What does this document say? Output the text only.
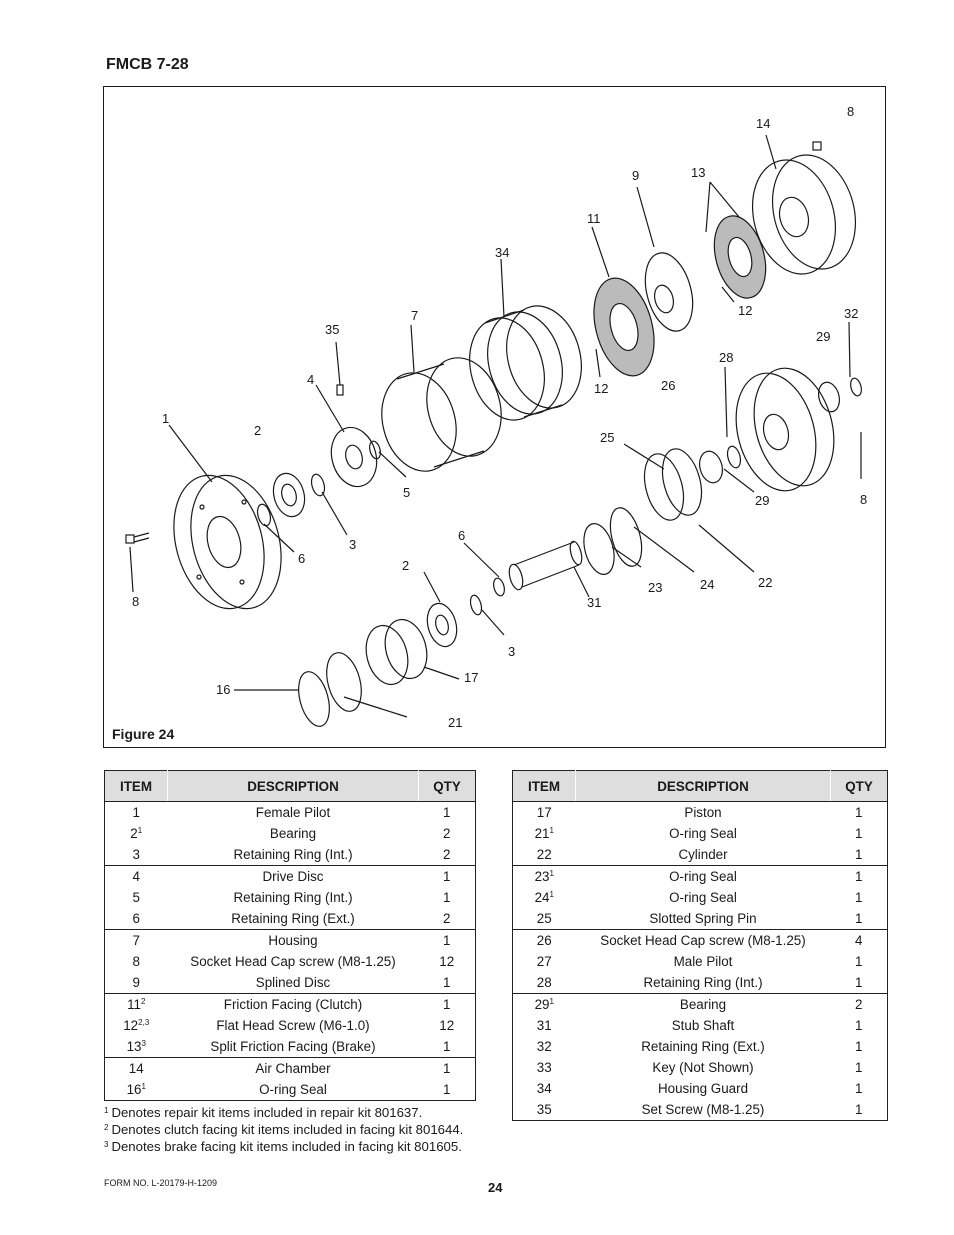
FMCB 7-28
14
8
13
9
11
34
35
7
4
1
2
12	32
29
28
26
12
25
5
3
6
29	8
6
8
2
31
23	24	22
3
17
16
21
Figure 24
ITEM	DESCRIPTION	QTY
1	Female Pilot	1
$2^1$	Bearing	2
3	Retaining Ring (Int.)	2
4	Drive Disc	1
5	Retaining Ring (Int.)	1
6	Retaining Ring (Ext.)	2
7	Housing	1
8	Socket Head Cap screw (M8-1.25)	12
9	Splined Disc	1
$11^2$	Friction Facing (Clutch)	1
12$^{2,3}$	Flat Head Screw (M6-1.0)	12
$13^3$	Split Friction Facing (Brake)	1
14	Air Chamber	1
$16^1$	O-ring Seal	1
ITEM	DESCRIPTION	QTY
17	Piston	1
$21^1$	O-ring Seal	1
22	Cylinder	1
$23^1$	O-ring Seal	1
$24^1$	O-ring Seal	1
25	Slotted Spring Pin	1
26	Socket Head Cap screw (M8-1.25)	4
27	Male Pilot	1
28	Retaining Ring (Int.)	1
$29^1$	Bearing	2
31	Stub Shaft	1
32	Retaining Ring (Ext.)	1
33	Key (Not Shown)	1
34	Housing Guard	1
35	Set Screw (M8-1.25)	1
$^1$ Denotes repair kit items included in repair kit 801637.
$^2$ Denotes clutch facing kit items included in facing kit 801644.
$^3$ Denotes brake facing kit items included in facing kit 801605.
FORM NO. L-20179-H-1209	24
